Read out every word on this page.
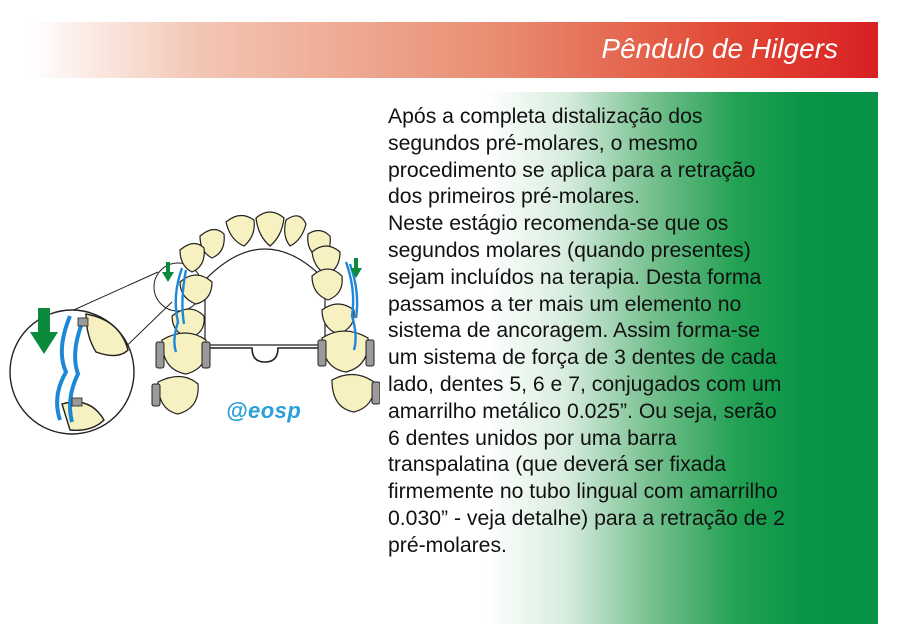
Pêndulo de Hilgers

Após a completa distalização dos
segundos pré-molares, o mesmo
procedimento se aplica para a retração
dos primeiros pré-molares.
Neste estágio recomenda-se que os
segundos molares (quando presentes)
sejam incluídos na terapia. Desta forma
passamos a ter mais um elemento no
sistema de ancoragem. Assim forma-se
um sistema de força de 3 dentes de cada
lado, dentes 5, 6 e 7, conjugados com um
amarrilho metálico 0.025”. Ou seja, serão
6 dentes unidos por uma barra
transpalatina (que deverá ser fixada
firmemente no tubo lingual com amarrilho
0.030” - veja detalhe) para a retração de 2
pré-molares.

@eosp
